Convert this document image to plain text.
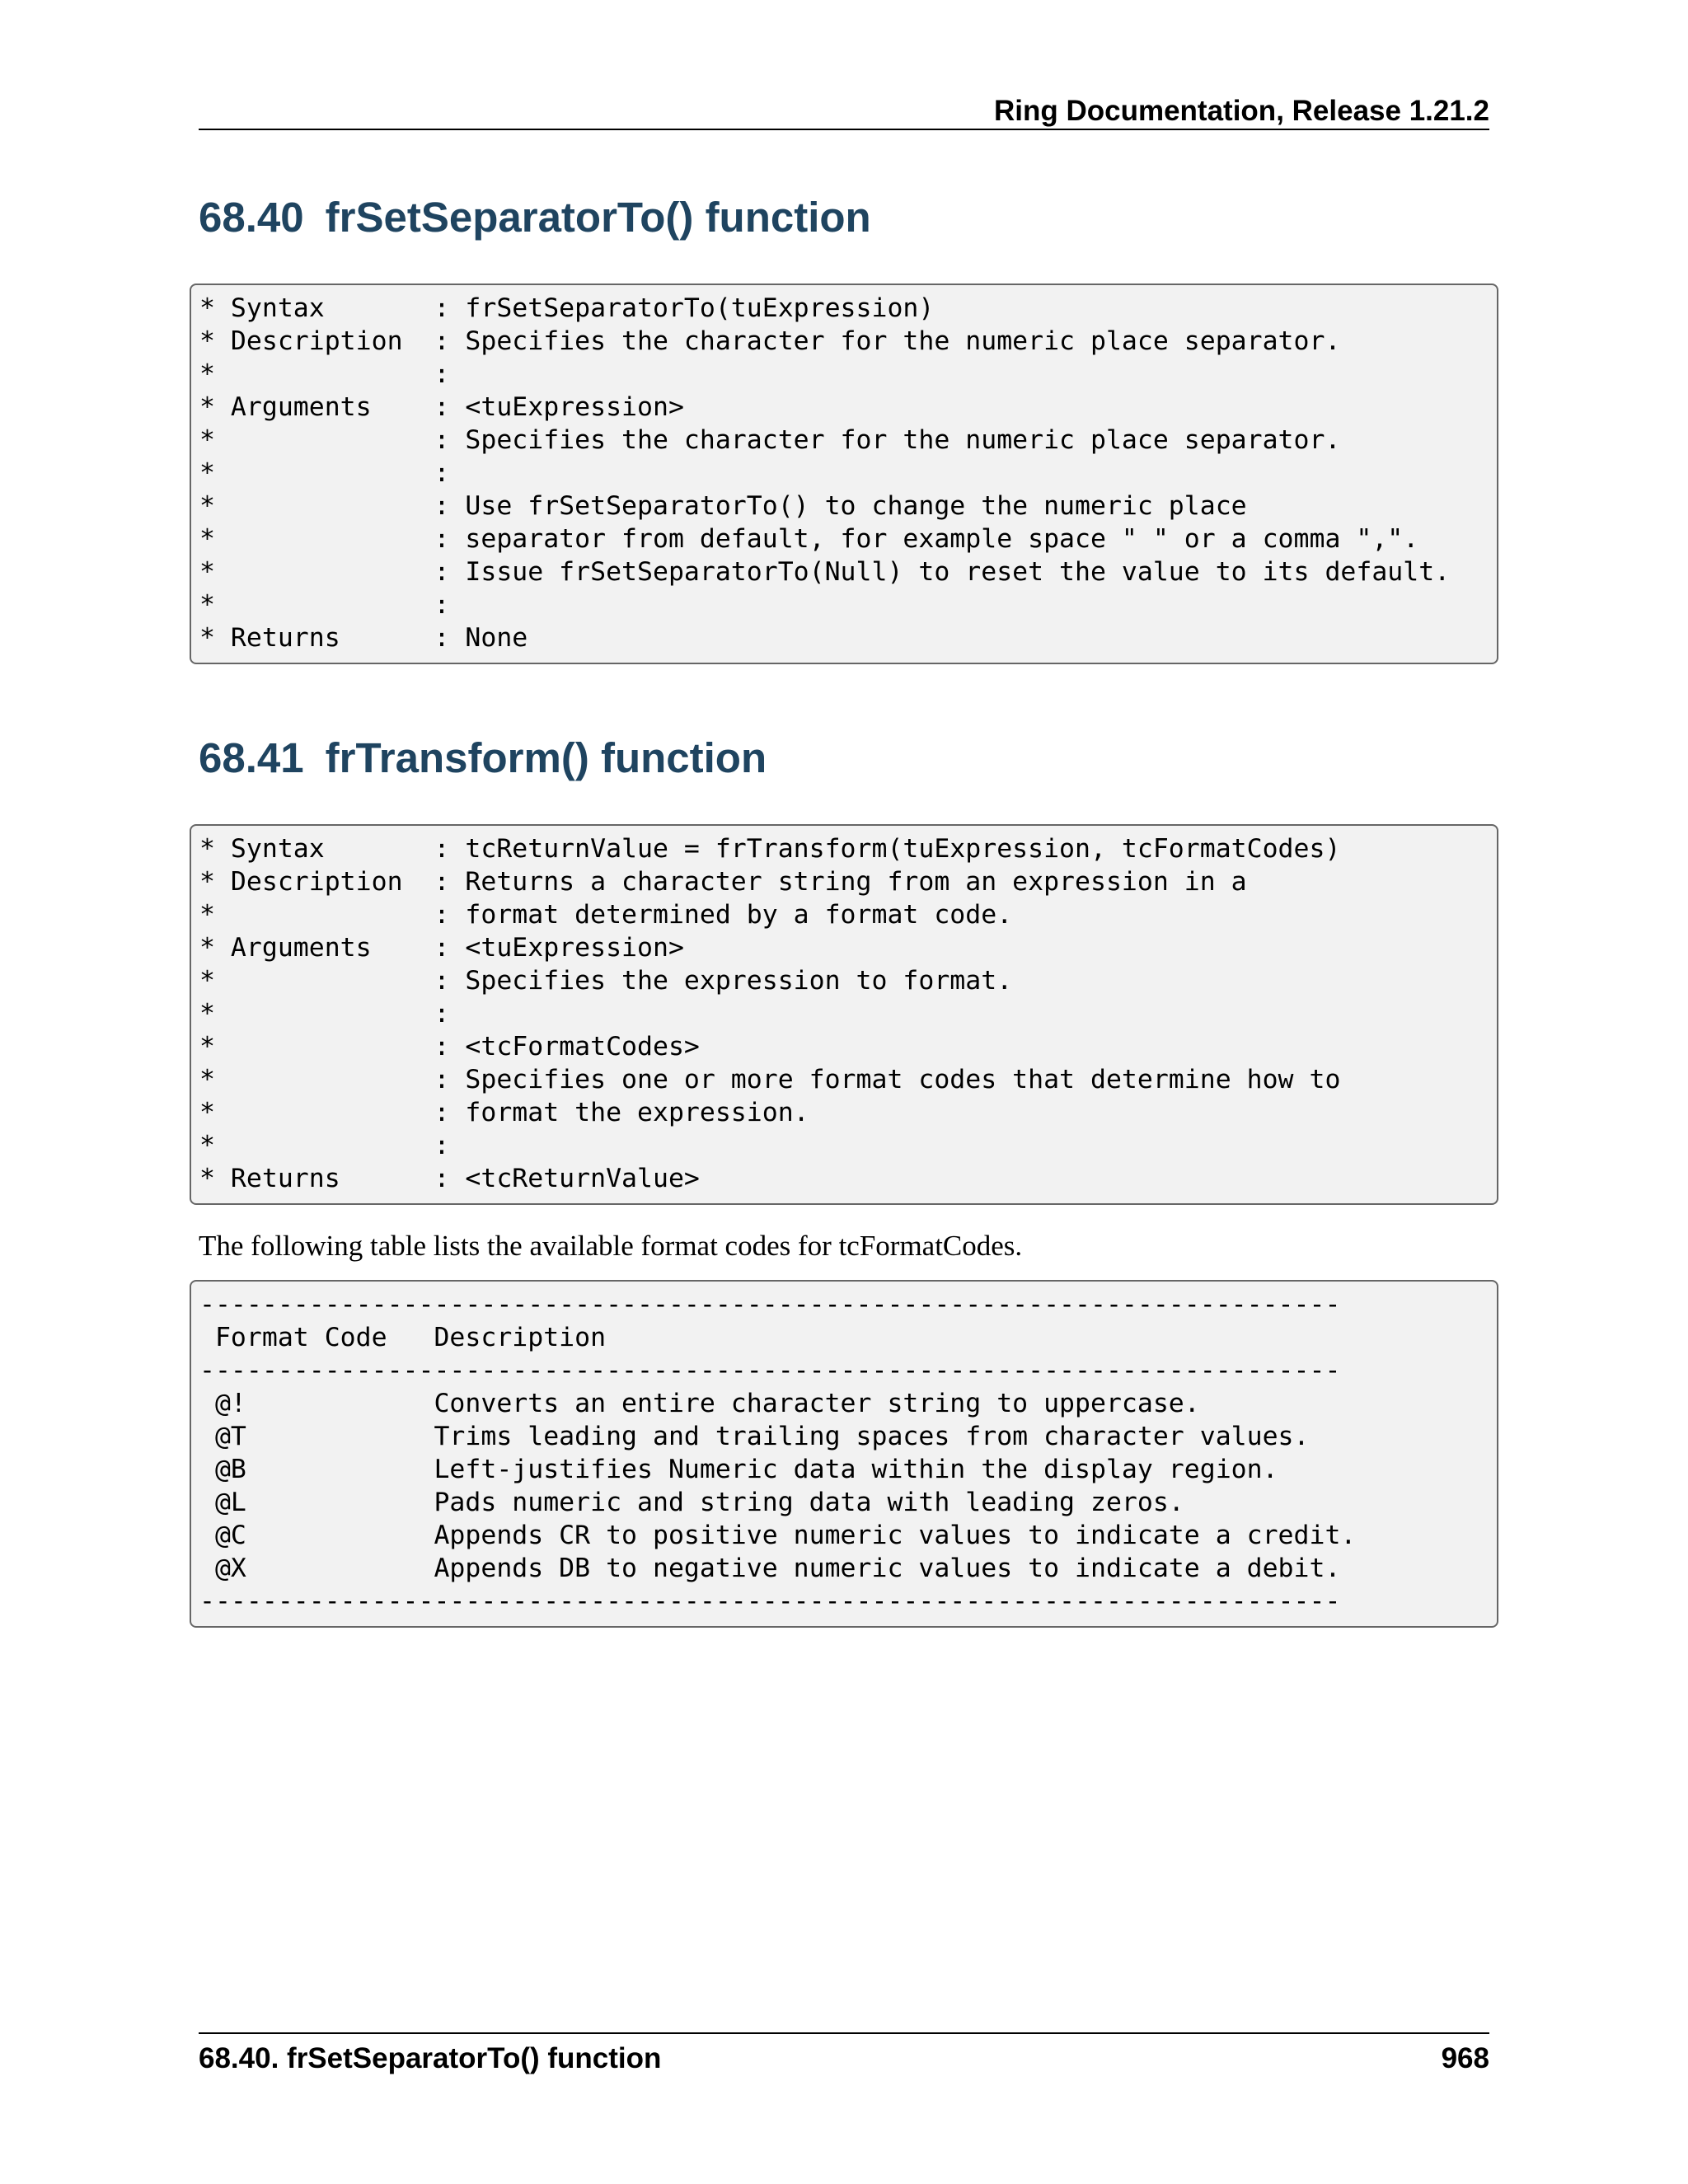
Ring Documentation, Release 1.21.2
68.40 frSetSeparatorTo() function
* Syntax       : frSetSeparatorTo(tuExpression)
* Description  : Specifies the character for the numeric place separator.
*              :
* Arguments    : <tuExpression>
*              : Specifies the character for the numeric place separator.
*              :
*              : Use frSetSeparatorTo() to change the numeric place
*              : separator from default, for example space " " or a comma ",".
*              : Issue frSetSeparatorTo(Null) to reset the value to its default.
*              :
* Returns      : None
68.41 frTransform() function
* Syntax       : tcReturnValue = frTransform(tuExpression, tcFormatCodes)
* Description  : Returns a character string from an expression in a
*              : format determined by a format code.
* Arguments    : <tuExpression>
*              : Specifies the expression to format.
*              :
*              : <tcFormatCodes>
*              : Specifies one or more format codes that determine how to
*              : format the expression.
*              :
* Returns      : <tcReturnValue>

The following table lists the available format codes for tcFormatCodes.

-------------------------------------------------------------------------
Format Code   Description
-------------------------------------------------------------------------
@!            Converts an entire character string to uppercase.
@T            Trims leading and trailing spaces from character values.
@B            Left-justifies Numeric data within the display region.
@L            Pads numeric and string data with leading zeros.
@C            Appends CR to positive numeric values to indicate a credit.
@X            Appends DB to negative numeric values to indicate a debit.
-------------------------------------------------------------------------
68.40. frSetSeparatorTo() function	968
